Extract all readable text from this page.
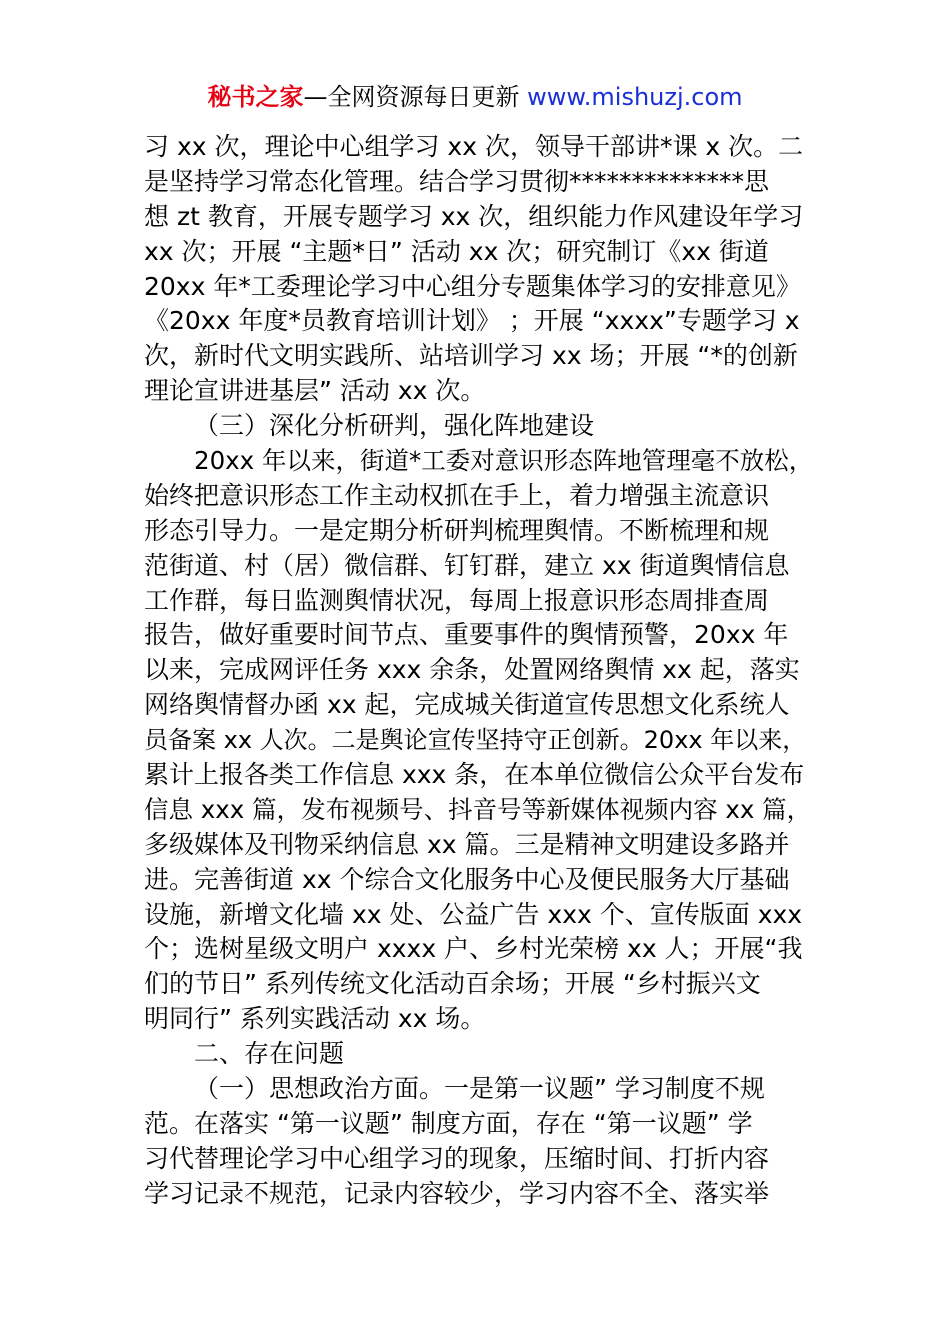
秘书之家—全网资源每日更新 www.mishuzj.com
习 xx 次，理论中心组学习 xx 次，领导干部讲*课 x 次。二
是坚持学习常态化管理。结合学习贯彻**************思
想 zt 教育，开展专题学习 xx 次，组织能力作风建设年学习
xx 次；开展 “主题*日” 活动 xx 次；研究制订《xx 街道
20xx 年*工委理论学习中心组分专题集体学习的安排意见》
《20xx 年度*员教育培训计划》 ；开展 “xxxx”专题学习 x
次，新时代文明实践所、站培训学习 xx 场；开展 “*的创新
理论宣讲进基层” 活动 xx 次。
（三）深化分析研判，强化阵地建设
20xx 年以来，街道*工委对意识形态阵地管理毫不放松，
始终把意识形态工作主动权抓在手上，着力增强主流意识
形态引导力。一是定期分析研判梳理舆情。不断梳理和规
范街道、村（居）微信群、钉钉群，建立 xx 街道舆情信息
工作群，每日监测舆情状况，每周上报意识形态周排查周
报告，做好重要时间节点、重要事件的舆情预警，20xx 年
以来，完成网评任务 xxx 余条，处置网络舆情 xx 起，落实
网络舆情督办函 xx 起，完成城关街道宣传思想文化系统人
员备案 xx 人次。二是舆论宣传坚持守正创新。20xx 年以来，
累计上报各类工作信息 xxx 条，在本单位微信公众平台发布
信息 xxx 篇，发布视频号、抖音号等新媒体视频内容 xx 篇，
多级媒体及刊物采纳信息 xx 篇。三是精神文明建设多路并
进。完善街道 xx 个综合文化服务中心及便民服务大厅基础
设施，新增文化墙 xx 处、公益广告 xxx 个、宣传版面 xxx
个；选树星级文明户 xxxx 户、乡村光荣榜 xx 人；开展“我
们的节日” 系列传统文化活动百余场；开展 “乡村振兴文
明同行” 系列实践活动 xx 场。
二、存在问题
（一）思想政治方面。一是第一议题” 学习制度不规
范。在落实 “第一议题” 制度方面，存在 “第一议题” 学
习代替理论学习中心组学习的现象，压缩时间、打折内容
学习记录不规范，记录内容较少，学习内容不全、落实举
